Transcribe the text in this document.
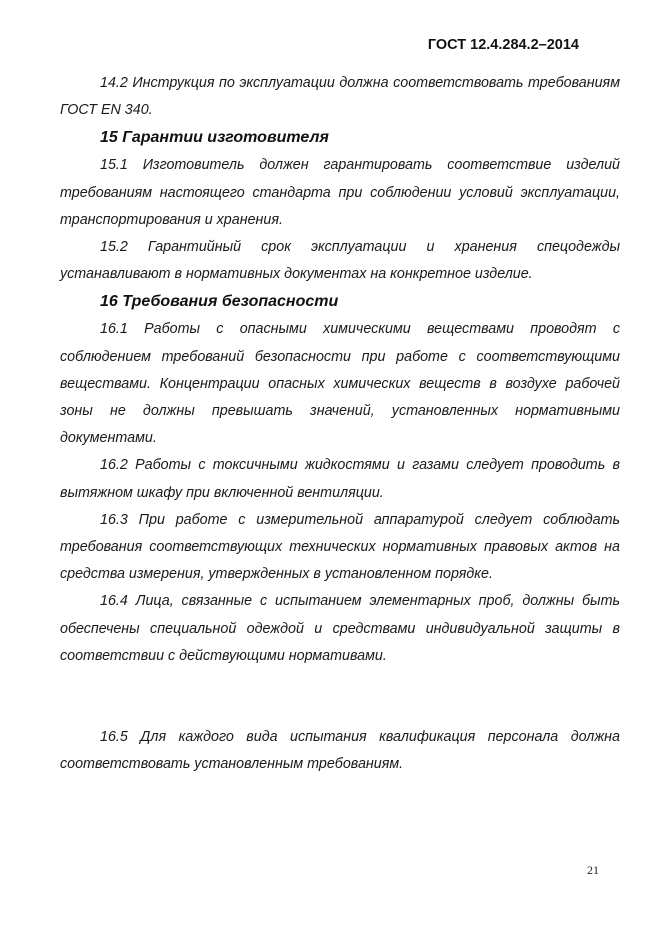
ГОСТ 12.4.284.2–2014

14.2 Инструкция по эксплуатации должна соответствовать требованиям ГОСТ EN 340.

15 Гарантии изготовителя

15.1 Изготовитель должен гарантировать соответствие изделий требованиям настоящего стандарта при соблюдении условий эксплуатации, транспортирования и хранения.

15.2 Гарантийный срок эксплуатации и хранения спецодежды устанавливают в нормативных документах на конкретное изделие.

16 Требования безопасности

16.1 Работы с опасными химическими веществами проводят с соблюдением требований безопасности при работе с соответствующими веществами. Концентрации опасных химических веществ в воздухе рабочей зоны не должны превышать значений, установленных нормативными документами.

16.2 Работы с токсичными жидкостями и газами следует проводить в вытяжном шкафу при включенной вентиляции.

16.3 При работе с измерительной аппаратурой следует соблюдать требования соответствующих технических нормативных правовых актов на средства измерения, утвержденных в установленном порядке.

16.4 Лица, связанные с испытанием элементарных проб, должны быть обеспечены специальной одеждой и средствами индивидуальной защиты в соответствии с действующими нормативами.

16.5 Для каждого вида испытания квалификация персонала должна соответствовать установленным требованиям.

21
